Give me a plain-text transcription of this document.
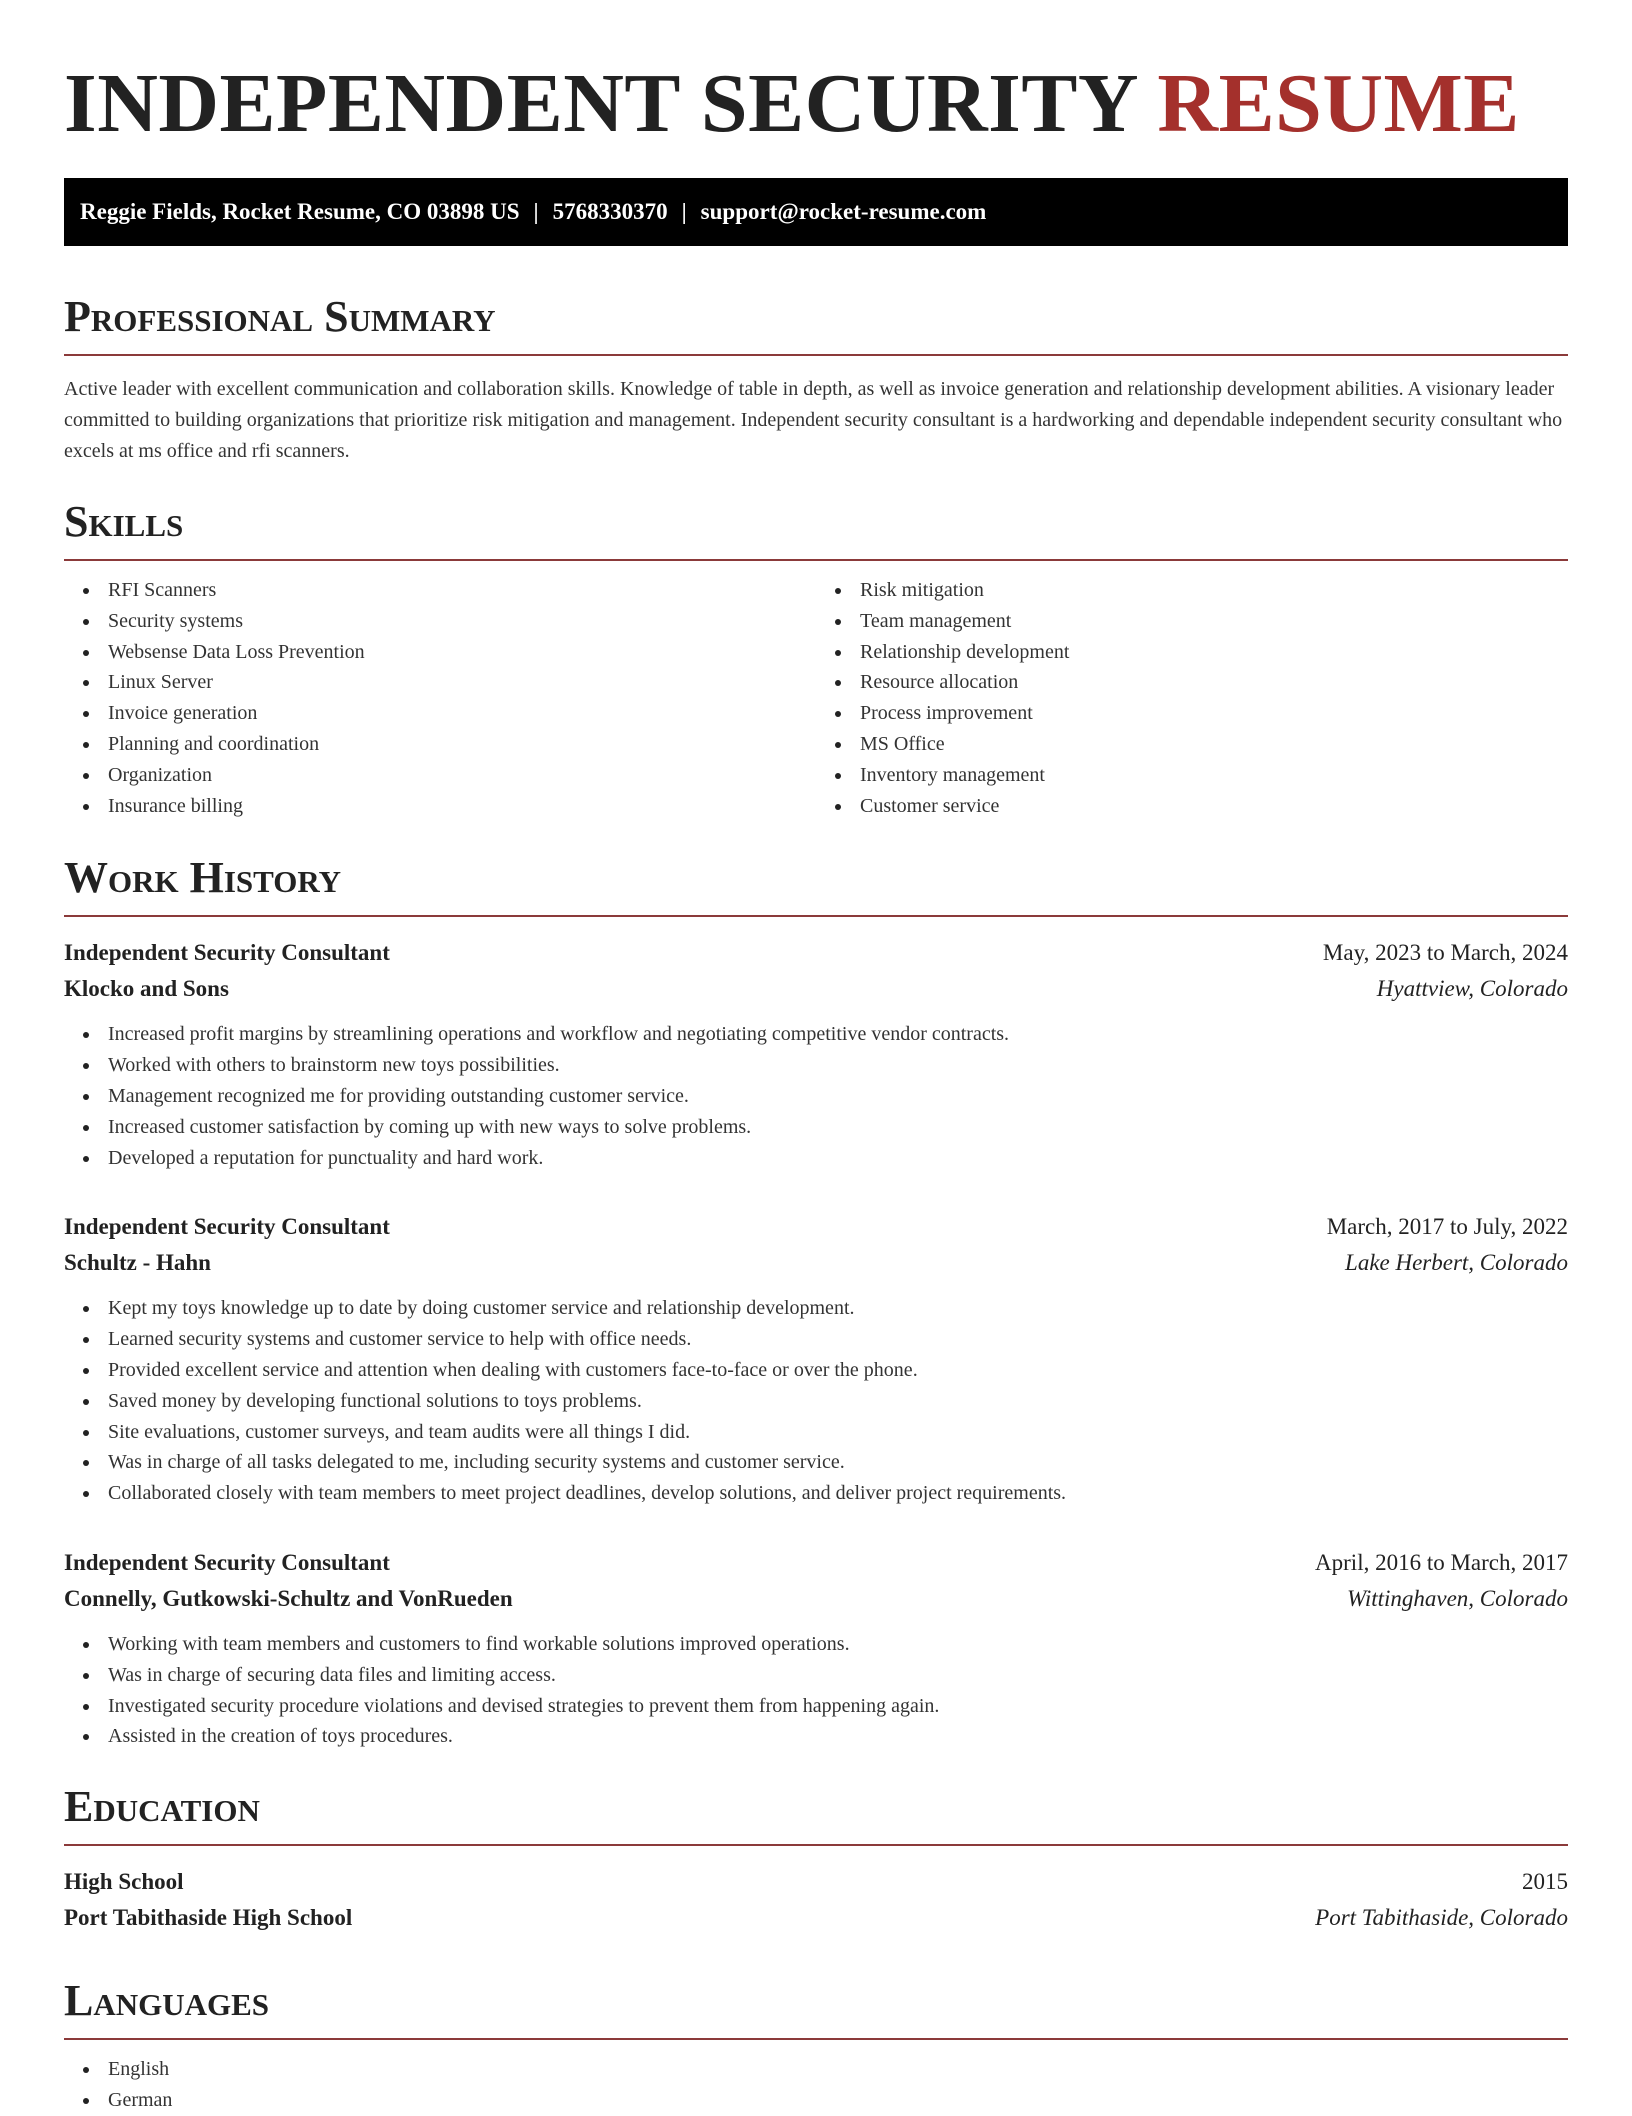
INDEPENDENT SECURITY RESUME
Reggie Fields, Rocket Resume, CO 03898 US | 5768330370 | support@rocket-resume.com
Professional Summary

Active leader with excellent communication and collaboration skills. Knowledge of table in depth, as well as invoice generation and relationship development abilities. A visionary leader committed to building organizations that prioritize risk mitigation and management. Independent security consultant is a hardworking and dependable independent security consultant who excels at ms office and rfi scanners.

Skills
RFI Scanners
Security systems
Websense Data Loss Prevention
Linux Server
Invoice generation
Planning and coordination
Organization
Insurance billing
Risk mitigation
Team management
Relationship development
Resource allocation
Process improvement
MS Office
Inventory management
Customer service
Work History
Independent Security Consultant	May, 2023 to March, 2024
Klocko and Sons	Hyattview, Colorado
Increased profit margins by streamlining operations and workflow and negotiating competitive vendor contracts.
Worked with others to brainstorm new toys possibilities.
Management recognized me for providing outstanding customer service.
Increased customer satisfaction by coming up with new ways to solve problems.
Developed a reputation for punctuality and hard work.
Independent Security Consultant	March, 2017 to July, 2022
Schultz - Hahn	Lake Herbert, Colorado
Kept my toys knowledge up to date by doing customer service and relationship development.
Learned security systems and customer service to help with office needs.
Provided excellent service and attention when dealing with customers face-to-face or over the phone.
Saved money by developing functional solutions to toys problems.
Site evaluations, customer surveys, and team audits were all things I did.
Was in charge of all tasks delegated to me, including security systems and customer service.
Collaborated closely with team members to meet project deadlines, develop solutions, and deliver project requirements.
Independent Security Consultant	April, 2016 to March, 2017
Connelly, Gutkowski-Schultz and VonRueden	Wittinghaven, Colorado
Working with team members and customers to find workable solutions improved operations.
Was in charge of securing data files and limiting access.
Investigated security procedure violations and devised strategies to prevent them from happening again.
Assisted in the creation of toys procedures.
Education
High School	2015
Port Tabithaside High School	Port Tabithaside, Colorado
Languages
English
German
